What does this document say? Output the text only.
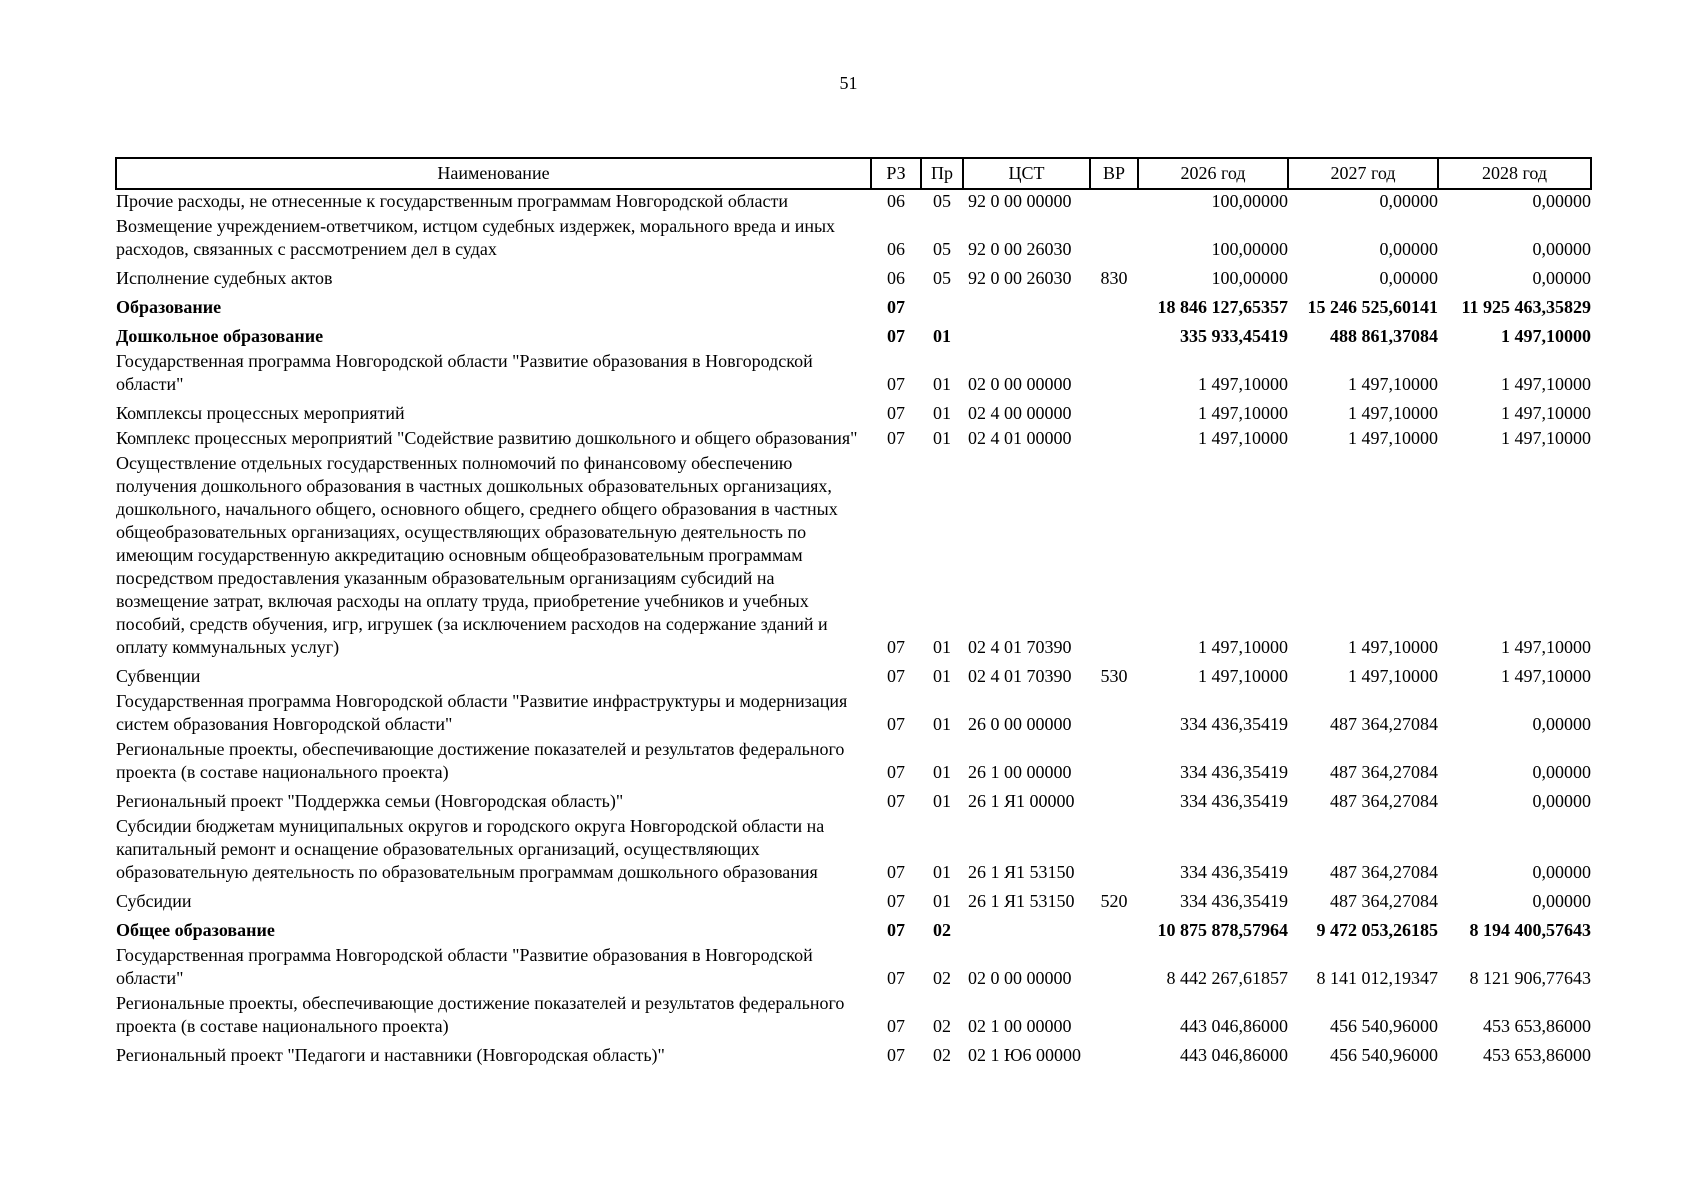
51
Наименование	РЗ	Пр	ЦСТ	ВР	2026 год	2027 год	2028 год
Прочие расходы, не отнесенные к государственным программам Новгородской области	06	05	92 0 00 00000		100,00000	0,00000	0,00000
Возмещение учреждением-ответчиком, истцом судебных издержек, морального вреда и иных расходов, связанных с рассмотрением дел в судах	06	05	92 0 00 26030		100,00000	0,00000	0,00000
Исполнение судебных актов	06	05	92 0 00 26030	830	100,00000	0,00000	0,00000
Образование	07				18 846 127,65357	15 246 525,60141	11 925 463,35829
Дошкольное образование	07	01			335 933,45419	488 861,37084	1 497,10000
Государственная программа Новгородской области "Развитие образования в Новгородской области"	07	01	02 0 00 00000		1 497,10000	1 497,10000	1 497,10000
Комплексы процессных мероприятий	07	01	02 4 00 00000		1 497,10000	1 497,10000	1 497,10000
Комплекс процессных мероприятий "Содействие развитию дошкольного и общего образования"	07	01	02 4 01 00000		1 497,10000	1 497,10000	1 497,10000
Осуществление отдельных государственных полномочий по финансовому обеспечению получения дошкольного образования в частных дошкольных образовательных организациях, дошкольного, начального общего, основного общего, среднего общего образования в частных общеобразовательных организациях, осуществляющих образовательную деятельность по имеющим государственную аккредитацию основным общеобразовательным программам посредством предоставления указанным образовательным организациям субсидий на возмещение затрат, включая расходы на оплату труда, приобретение учебников и учебных пособий, средств обучения, игр, игрушек (за исключением расходов на содержание зданий и оплату коммунальных услуг)	07	01	02 4 01 70390		1 497,10000	1 497,10000	1 497,10000
Субвенции	07	01	02 4 01 70390	530	1 497,10000	1 497,10000	1 497,10000
Государственная программа Новгородской области "Развитие инфраструктуры и модернизация систем образования Новгородской области"	07	01	26 0 00 00000		334 436,35419	487 364,27084	0,00000
Региональные проекты, обеспечивающие достижение показателей и результатов федерального проекта (в составе национального проекта)	07	01	26 1 00 00000		334 436,35419	487 364,27084	0,00000
Региональный проект "Поддержка семьи (Новгородская область)"	07	01	26 1 Я1 00000		334 436,35419	487 364,27084	0,00000
Субсидии бюджетам муниципальных округов и городского округа Новгородской области на капитальный ремонт и оснащение образовательных организаций, осуществляющих образовательную деятельность по образовательным программам дошкольного образования	07	01	26 1 Я1 53150		334 436,35419	487 364,27084	0,00000
Субсидии	07	01	26 1 Я1 53150	520	334 436,35419	487 364,27084	0,00000
Общее образование	07	02			10 875 878,57964	9 472 053,26185	8 194 400,57643
Государственная программа Новгородской области "Развитие образования в Новгородской области"	07	02	02 0 00 00000		8 442 267,61857	8 141 012,19347	8 121 906,77643
Региональные проекты, обеспечивающие достижение показателей и результатов федерального проекта (в составе национального проекта)	07	02	02 1 00 00000		443 046,86000	456 540,96000	453 653,86000
Региональный проект "Педагоги и наставники (Новгородская область)"	07	02	02 1 Ю6 00000		443 046,86000	456 540,96000	453 653,86000
